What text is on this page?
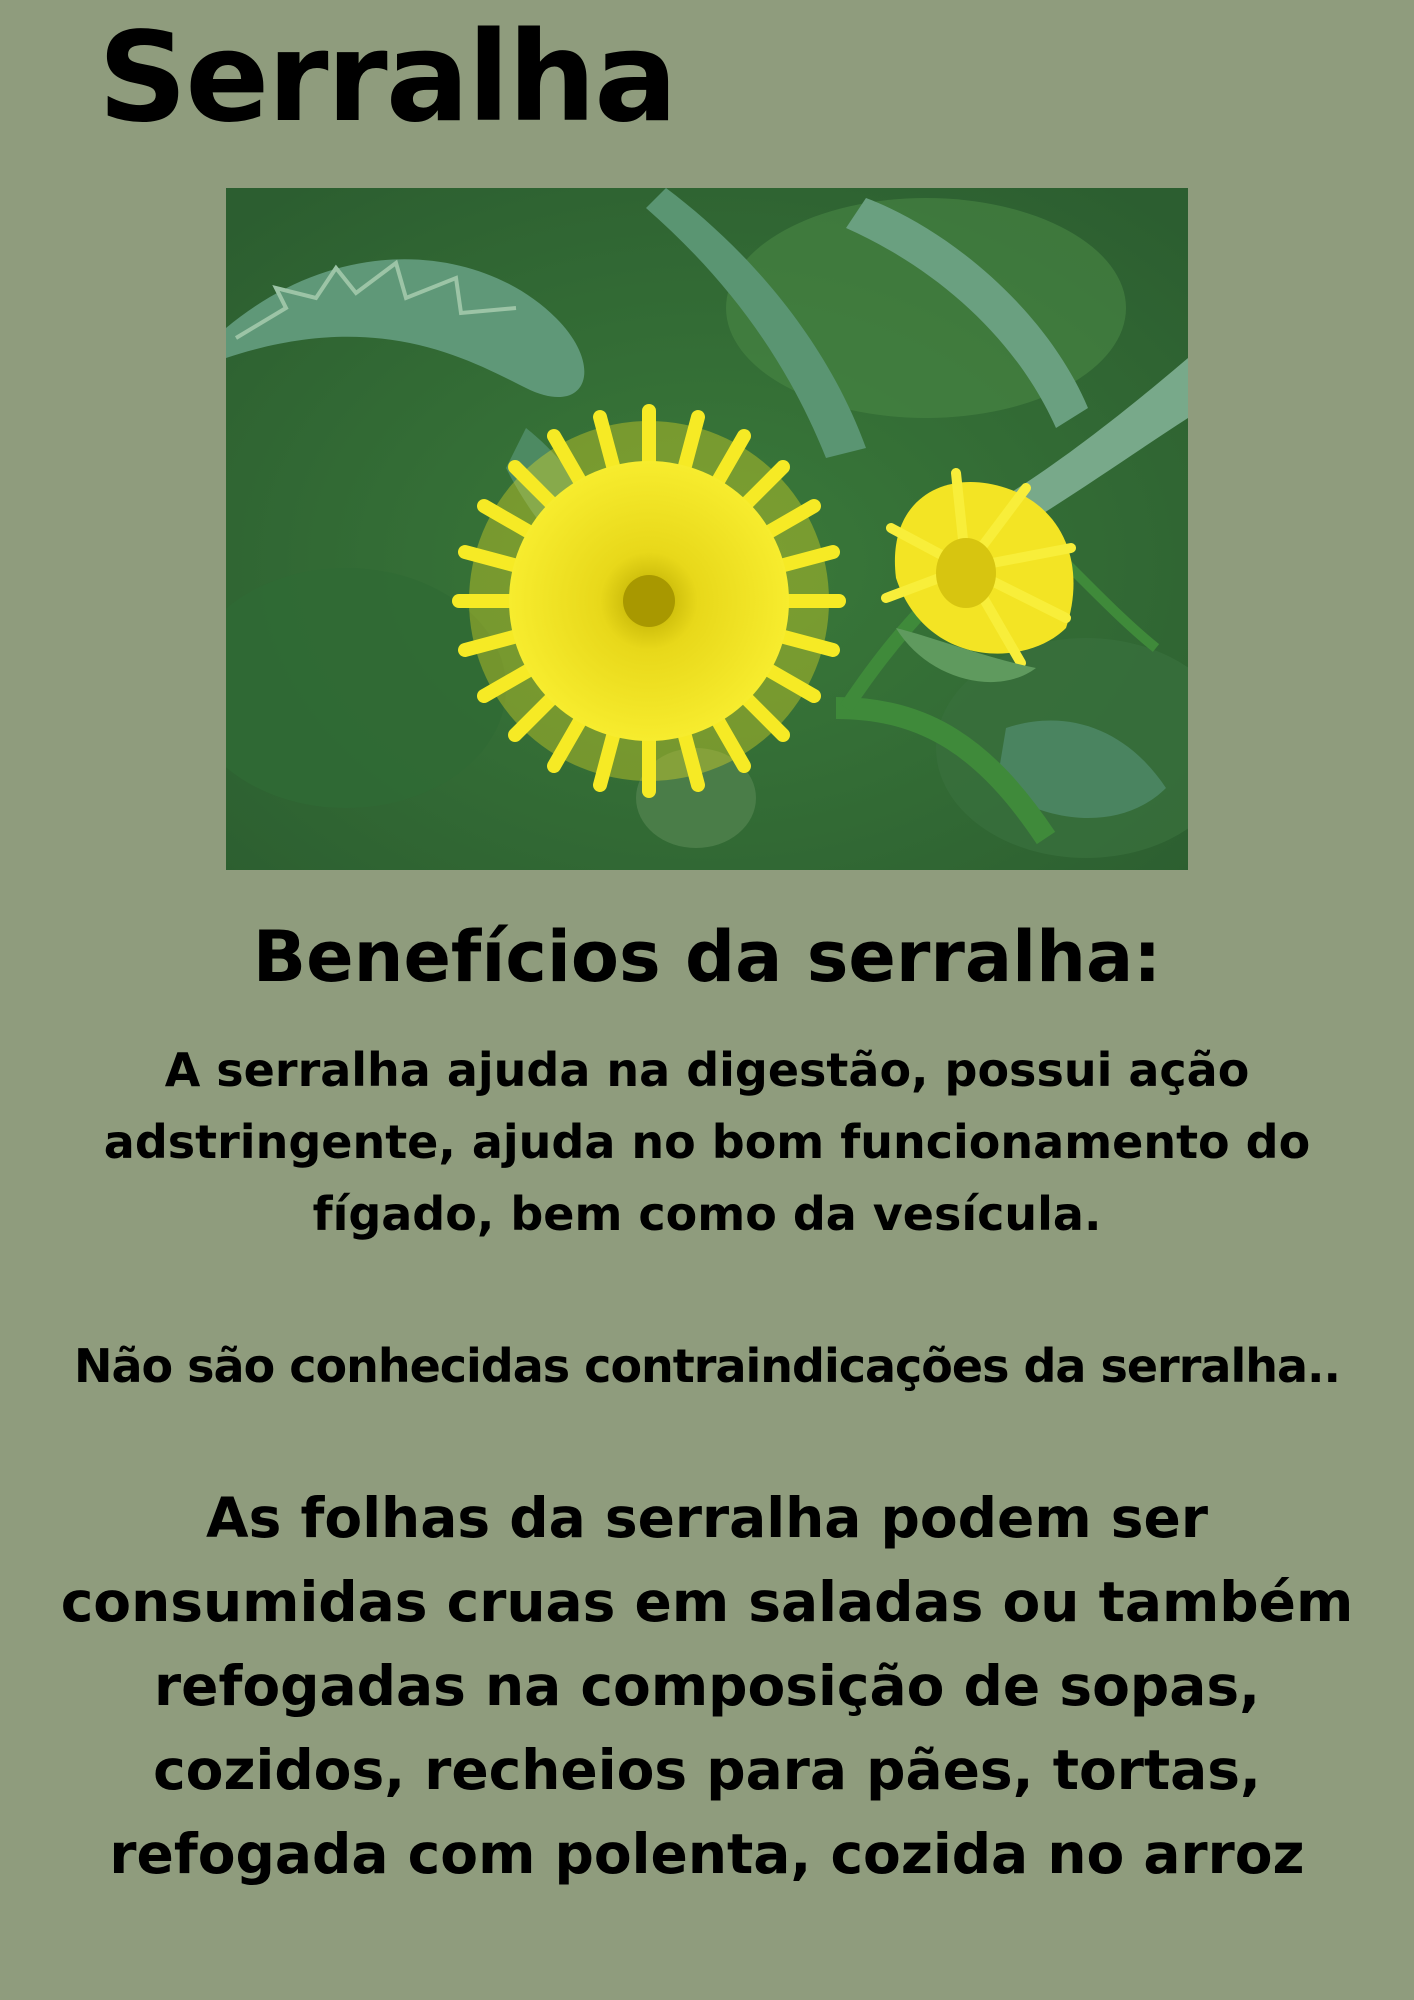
Serralha
Benefícios da serralha:

A serralha ajuda na digestão, possui ação adstringente, ajuda no bom funcionamento do fígado, bem como da vesícula.

Não são conhecidas contraindicações da serralha..

As folhas da serralha podem ser
consumidas cruas em saladas ou também
refogadas na composição de sopas,
cozidos, recheios para pães, tortas,
refogada com polenta, cozida no arroz
